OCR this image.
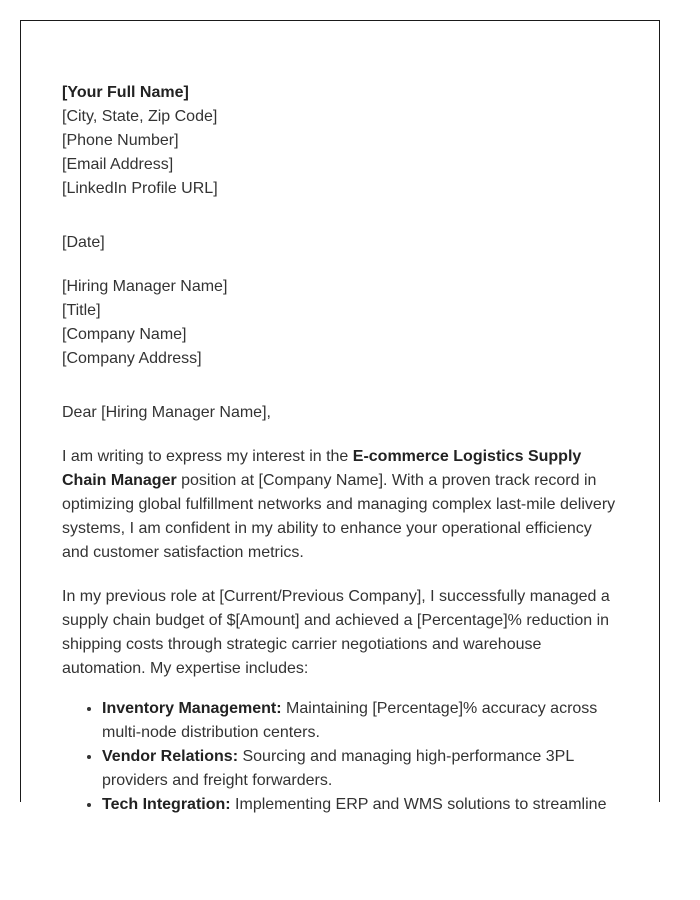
[Your Full Name]
[City, State, Zip Code]
[Phone Number]
[Email Address]
[LinkedIn Profile URL]
[Date]
[Hiring Manager Name]
[Title]
[Company Name]
[Company Address]

Dear [Hiring Manager Name],

I am writing to express my interest in the E-commerce Logistics Supply Chain Manager position at [Company Name]. With a proven track record in optimizing global fulfillment networks and managing complex last-mile delivery systems, I am confident in my ability to enhance your operational efficiency and customer satisfaction metrics.

In my previous role at [Current/Previous Company], I successfully managed a supply chain budget of $[Amount] and achieved a [Percentage]% reduction in shipping costs through strategic carrier negotiations and warehouse automation. My expertise includes:

• Inventory Management: Maintaining [Percentage]% accuracy across multi-node distribution centers.
• Vendor Relations: Sourcing and managing high-performance 3PL providers and freight forwarders.
• Tech Integration: Implementing ERP and WMS solutions to streamline
